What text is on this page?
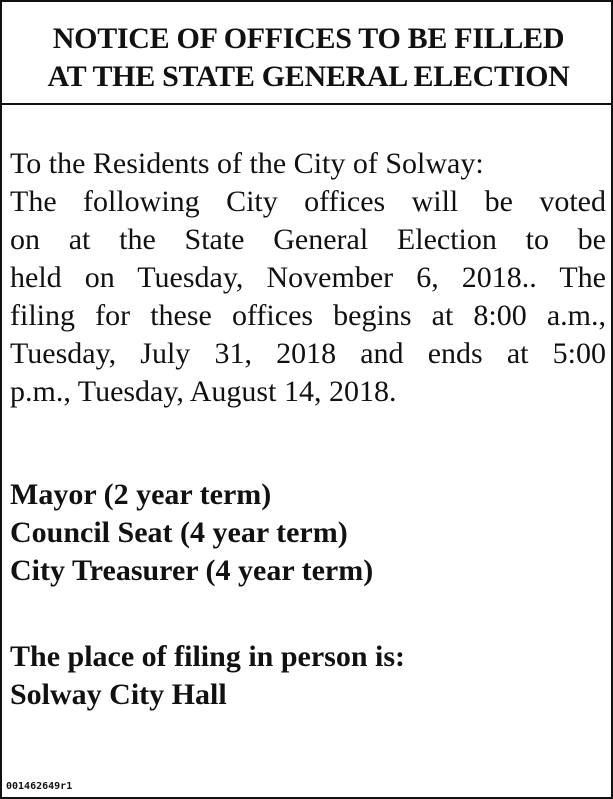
NOTICE OF OFFICES TO BE FILLED
AT THE STATE GENERAL ELECTION
To the Residents of the City of Solway:
The following City offices will be voted
on at the State General Election to be
held on Tuesday, November 6, 2018.. The
filing for these offices begins at 8:00 a.m.,
Tuesday, July 31, 2018 and ends at 5:00
p.m., Tuesday, August 14, 2018.
Mayor (2 year term)
Council Seat (4 year term)
City Treasurer (4 year term)
The place of filing in person is:
Solway City Hall
001462649r1
